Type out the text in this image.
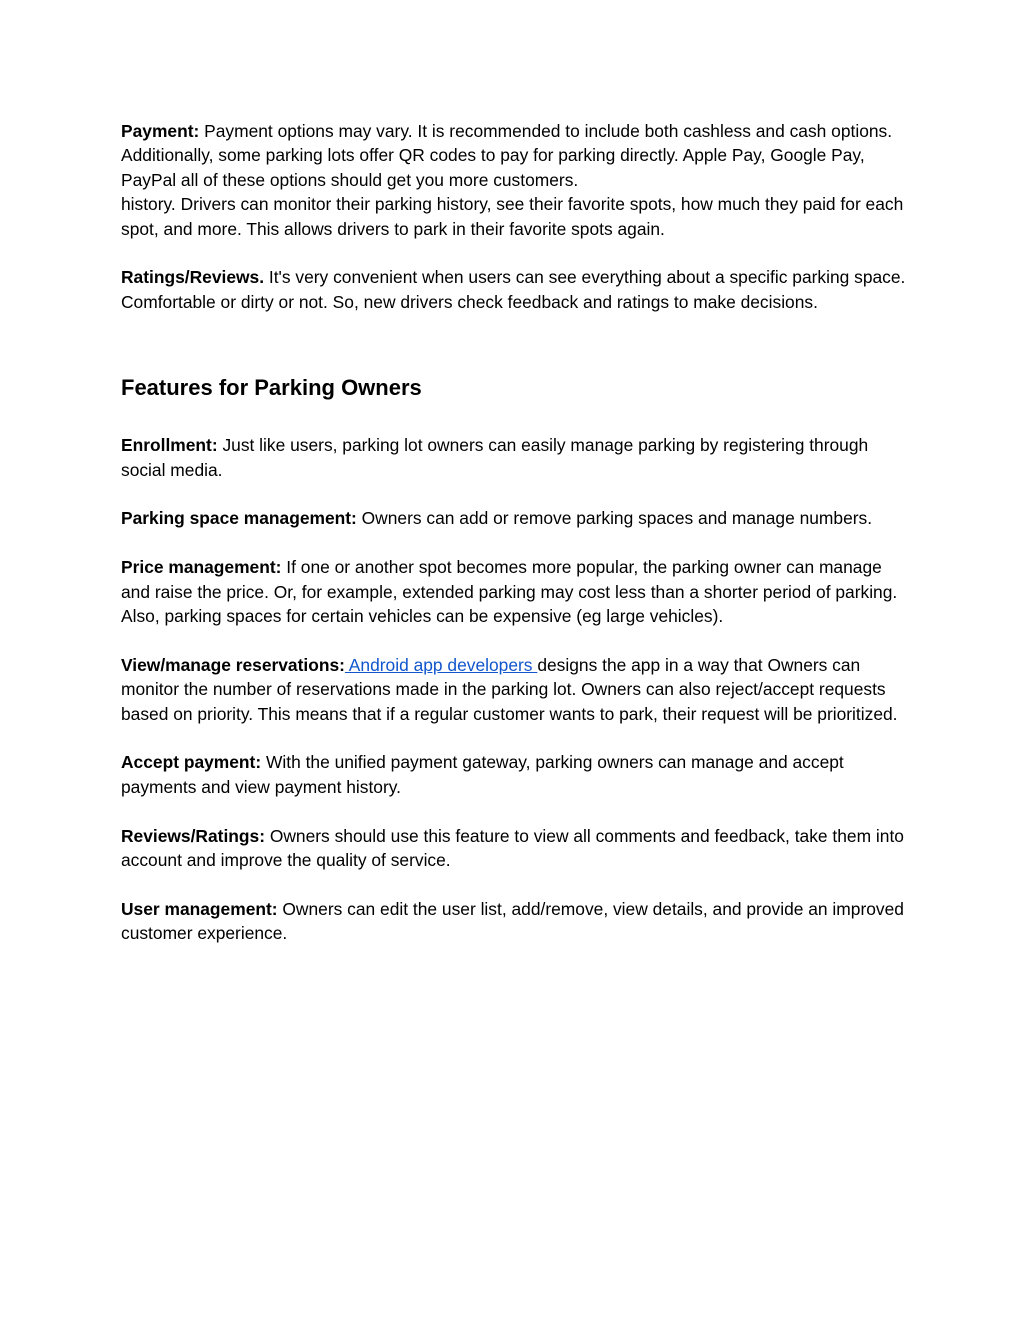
Payment: Payment options may vary. It is recommended to include both cashless and cash options. Additionally, some parking lots offer QR codes to pay for parking directly. Apple Pay, Google Pay, PayPal all of these options should get you more customers.

history. Drivers can monitor their parking history, see their favorite spots, how much they paid for each spot, and more. This allows drivers to park in their favorite spots again.

Ratings/Reviews. It's very convenient when users can see everything about a specific parking space. Comfortable or dirty or not. So, new drivers check feedback and ratings to make decisions.

Features for Parking Owners

Enrollment: Just like users, parking lot owners can easily manage parking by registering through social media.

Parking space management: Owners can add or remove parking spaces and manage numbers.

Price management: If one or another spot becomes more popular, the parking owner can manage and raise the price. Or, for example, extended parking may cost less than a shorter period of parking. Also, parking spaces for certain vehicles can be expensive (eg large vehicles).

View/manage reservations: Android app developers designs the app in a way that Owners can monitor the number of reservations made in the parking lot. Owners can also reject/accept requests based on priority. This means that if a regular customer wants to park, their request will be prioritized.

Accept payment: With the unified payment gateway, parking owners can manage and accept payments and view payment history.

Reviews/Ratings: Owners should use this feature to view all comments and feedback, take them into account and improve the quality of service.

User management: Owners can edit the user list, add/remove, view details, and provide an improved customer experience.
